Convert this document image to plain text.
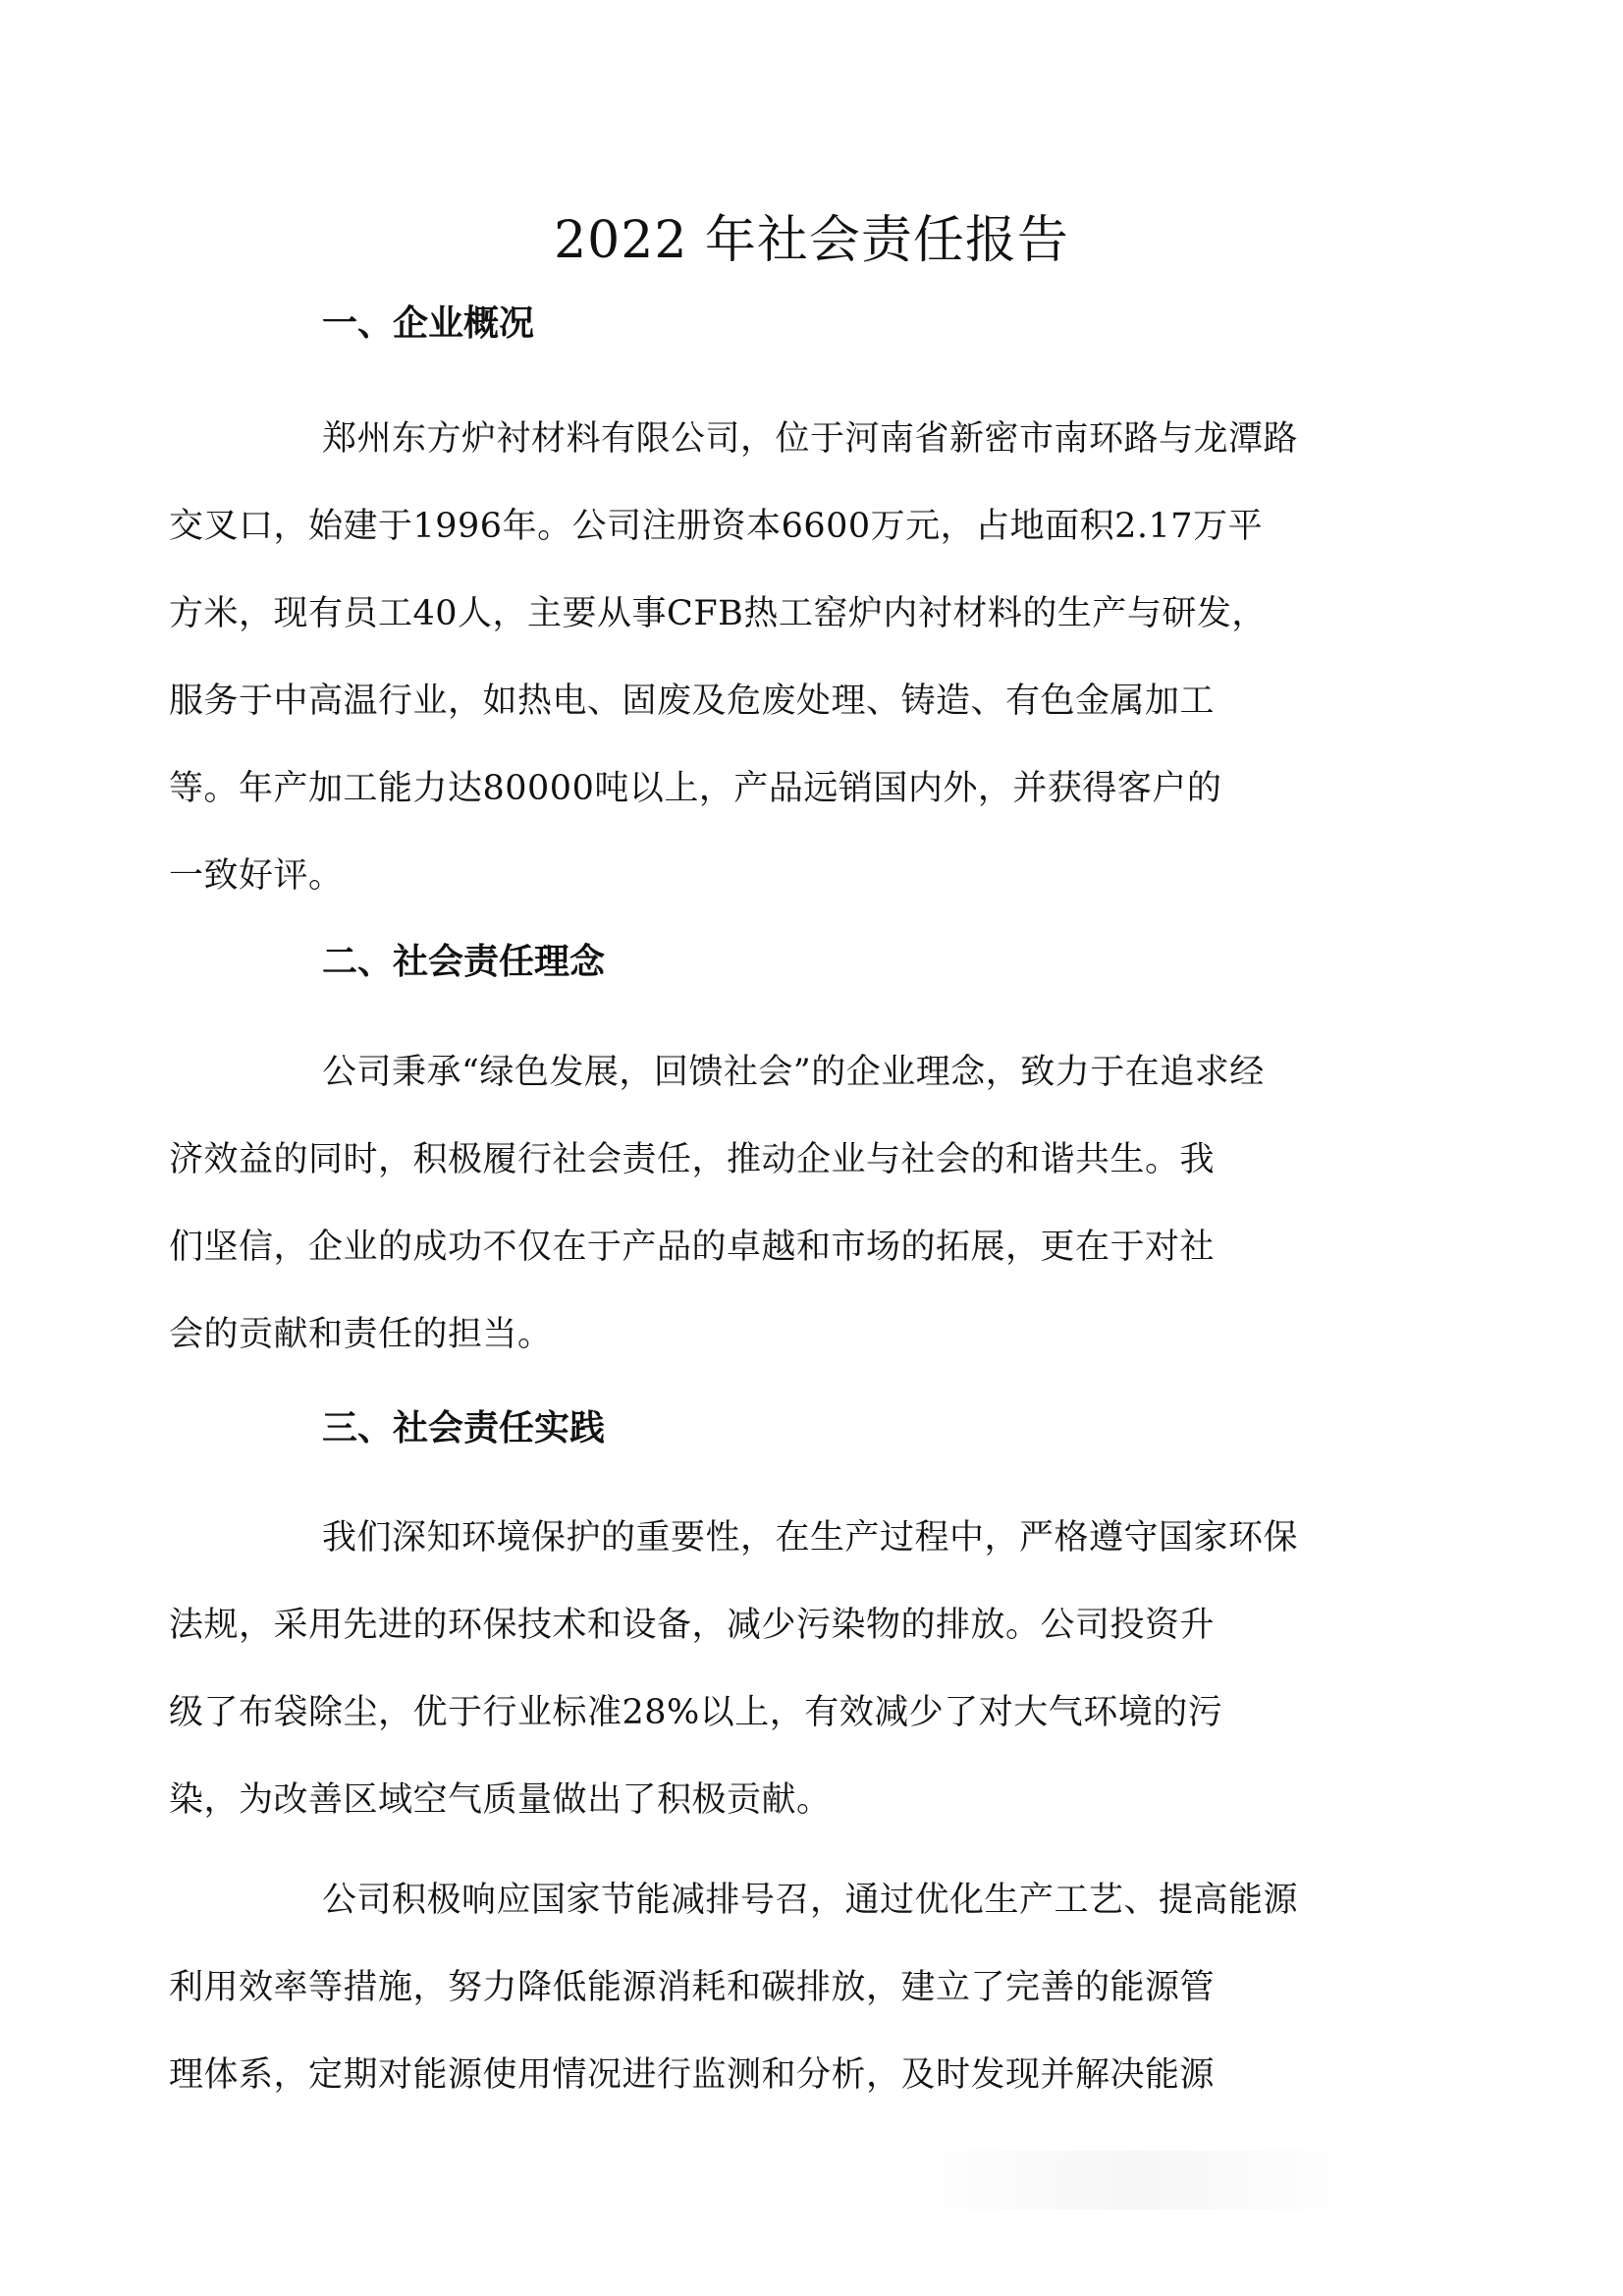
2022 年社会责任报告
一、企业概况

郑州东方炉衬材料有限公司，位于河南省新密市南环路与龙潭路
交叉口，始建于1996年。公司注册资本6600万元，占地面积2.17万平
方米，现有员工40人，主要从事CFB热工窑炉内衬材料的生产与研发，
服务于中高温行业，如热电、固废及危废处理、铸造、有色金属加工
等。年产加工能力达80000吨以上，产品远销国内外，并获得客户的
一致好评。

二、社会责任理念

公司秉承“绿色发展，回馈社会”的企业理念，致力于在追求经
济效益的同时，积极履行社会责任，推动企业与社会的和谐共生。我
们坚信，企业的成功不仅在于产品的卓越和市场的拓展，更在于对社
会的贡献和责任的担当。

三、社会责任实践

我们深知环境保护的重要性，在生产过程中，严格遵守国家环保
法规，采用先进的环保技术和设备，减少污染物的排放。公司投资升
级了布袋除尘，优于行业标准28%以上，有效减少了对大气环境的污
染，为改善区域空气质量做出了积极贡献。

公司积极响应国家节能减排号召，通过优化生产工艺、提高能源
利用效率等措施，努力降低能源消耗和碳排放，建立了完善的能源管
理体系，定期对能源使用情况进行监测和分析，及时发现并解决能源
